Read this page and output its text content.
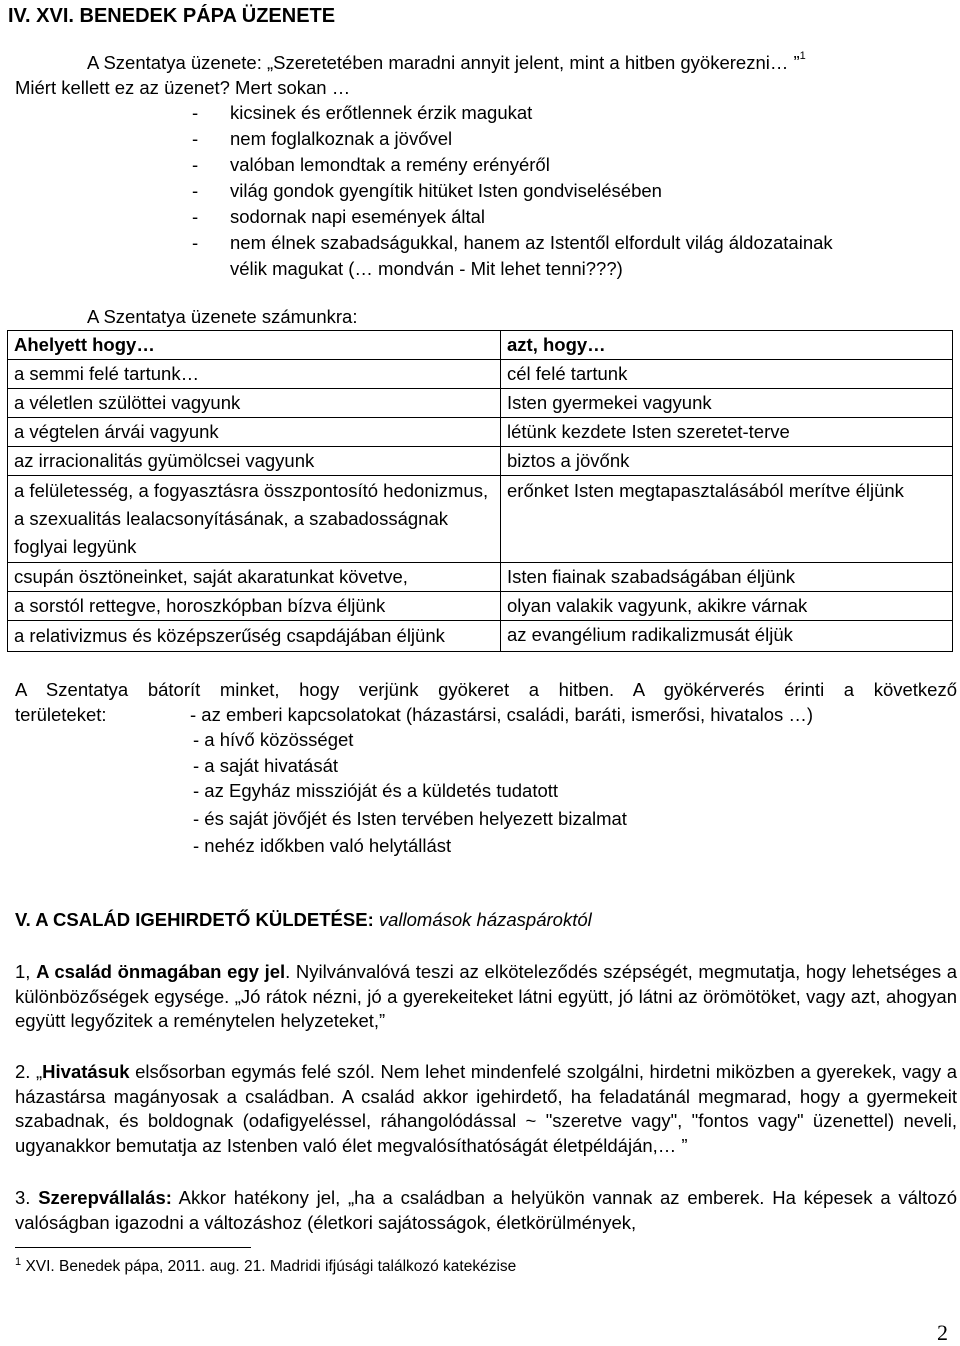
IV. XVI. BENEDEK PÁPA ÜZENETE
A Szentatya üzenete: „Szeretetében maradni annyit jelent, mint a hitben gyökerezni… ”$^1$
Miért kellett ez az üzenet? Mert sokan …
- kicsinek és erőtlennek érzik magukat
- nem foglalkoznak a jövővel
- valóban lemondtak a remény erényéről
- világ gondok gyengítik hitüket Isten gondviselésében
- sodornak napi események által
- nem élnek szabadságukkal, hanem az Istentől elfordult világ áldozatainak
vélik magukat (… mondván - Mit lehet tenni???)
A Szentatya üzenete számunkra:
Ahelyett hogy…	azt, hogy…
a semmi felé tartunk…	cél felé tartunk
a véletlen szülöttei vagyunk	Isten gyermekei vagyunk
a végtelen árvái vagyunk	létünk kezdete Isten szeretet-terve
az irracionalitás gyümölcsei vagyunk	biztos a jövőnk
a felületesség, a fogyasztásra összpontosító hedonizmus, a szexualitás lealacsonyításának, a szabadosságnak foglyai legyünk	erőnket Isten megtapasztalásából merítve éljünk
csupán ösztöneinket, saját akaratunkat követve,	Isten fiainak szabadságában éljünk
a sorstól rettegve, horoszkópban bízva éljünk	olyan valakik vagyunk, akikre várnak
a relativizmus és középszerűség csapdájában éljünk	az evangélium radikalizmusát éljük
A Szentatya bátorít minket, hogy verjünk gyökeret a hitben. A gyökérverés érinti a következő
területeket:	- az emberi kapcsolatokat (házastársi, családi, baráti, ismerősi, hivatalos …)
- a hívő közösséget
- a saját hivatását
- az Egyház misszióját és a küldetés tudatott
- és saját jövőjét és Isten tervében helyezett bizalmat
- nehéz időkben való helytállást
V. A CSALÁD IGEHIRDETŐ KÜLDETÉSE: vallomások házaspároktól
1, A család önmagában egy jel. Nyilvánvalóvá teszi az elköteleződés szépségét, megmutatja, hogy lehetséges a különbözőségek egysége. „Jó rátok nézni, jó a gyerekeiteket látni együtt, jó látni az örömötöket, vagy azt, ahogyan együtt legyőzitek a reménytelen helyzeteket,”
2. „Hivatásuk elsősorban egymás felé szól. Nem lehet mindenfelé szolgálni, hirdetni miközben a gyerekek, vagy a házastársa magányosak a családban. A család akkor igehirdető, ha feladatánál megmarad, hogy a gyermekeit szabadnak, és boldognak (odafigyeléssel, ráhangolódással ~ "szeretve vagy", "fontos vagy" üzenettel) neveli, ugyanakkor bemutatja az Istenben való élet megvalósíthatóságát életpéldáján,… ”
3. Szerepvállalás: Akkor hatékony jel, „ha a családban a helyükön vannak az emberek. Ha képesek a változó valóságban igazodni a változáshoz (életkori sajátosságok, életkörülmények,
$^1$ XVI. Benedek pápa, 2011. aug. 21. Madridi ifjúsági találkozó katekézise
2
